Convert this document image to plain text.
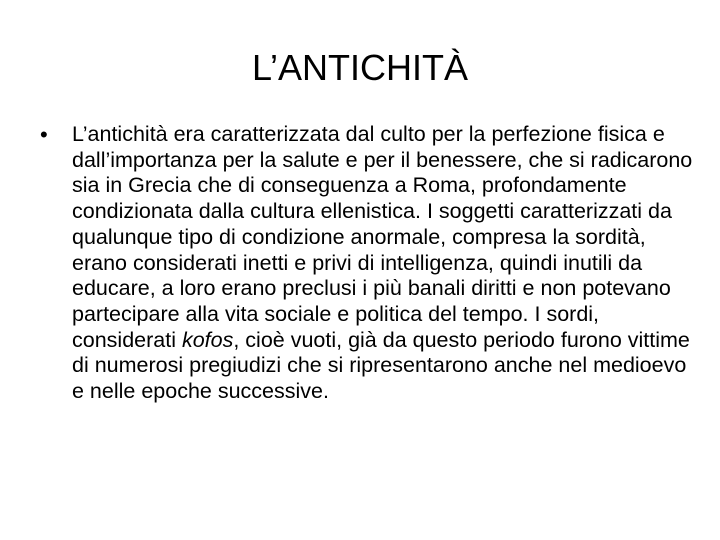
L’ANTICHITÀ
•	L’antichità era caratterizzata dal culto per la perfezione fisica e dall’importanza per la salute e per il benessere, che si radicarono sia in Grecia che di conseguenza a Roma, profondamente condizionata dalla cultura ellenistica. I soggetti caratterizzati da qualunque tipo di condizione anormale, compresa la sordità, erano considerati inetti e privi di intelligenza, quindi inutili da educare, a loro erano preclusi i più banali diritti e non potevano partecipare alla vita sociale e politica del tempo. I sordi, considerati kofos, cioè vuoti, già da questo periodo furono vittime di numerosi pregiudizi che si ripresentarono anche nel medioevo e nelle epoche successive.
